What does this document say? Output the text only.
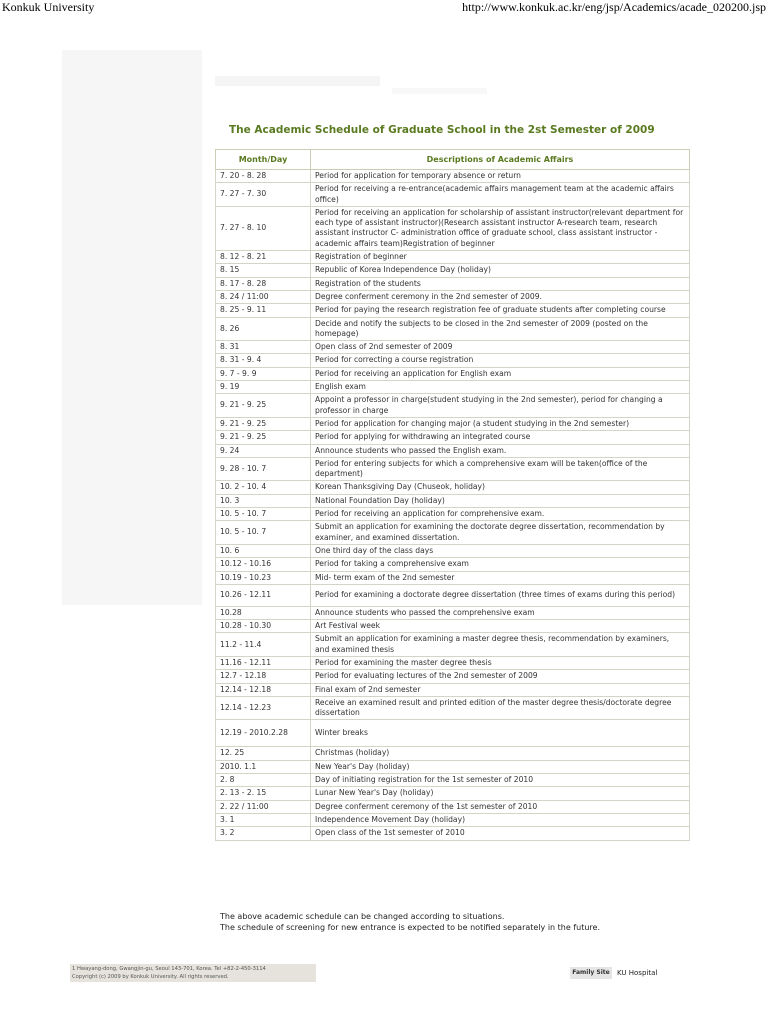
Konkuk University	http://www.konkuk.ac.kr/eng/jsp/Academics/acade_020200.jsp
The Academic Schedule of Graduate School in the 2st Semester of 2009
Month/Day	Descriptions of Academic Affairs
7. 20 - 8. 28	Period for application for temporary absence or return
7. 27 - 7. 30	Period for receiving a re-entrance(academic affairs management team at the academic affairs office)
7. 27 - 8. 10	Period for receiving an application for scholarship of assistant instructor(relevant department for each type of assistant instructor)(Research assistant instructor A-research team, research assistant instructor C- administration office of graduate school, class assistant instructor - academic affairs team)Registration of beginner
8. 12 - 8. 21	Registration of beginner
8. 15	Republic of Korea Independence Day (holiday)
8. 17 - 8. 28	Registration of the students
8. 24 / 11:00	Degree conferment ceremony in the 2nd semester of 2009.
8. 25 - 9. 11	Period for paying the research registration fee of graduate students after completing course
8. 26	Decide and notify the subjects to be closed in the 2nd semester of 2009 (posted on the homepage)
8. 31	Open class of 2nd semester of 2009
8. 31 - 9. 4	Period for correcting a course registration
9. 7 - 9. 9	Period for receiving an application for English exam
9. 19	English exam
9. 21 - 9. 25	Appoint a professor in charge(student studying in the 2nd semester), period for changing a professor in charge
9. 21 - 9. 25	Period for application for changing major (a student studying in the 2nd semester)
9. 21 - 9. 25	Period for applying for withdrawing an integrated course
9. 24	Announce students who passed the English exam.
9. 28 - 10. 7	Period for entering subjects for which a comprehensive exam will be taken(office of the department)
10. 2 - 10. 4	Korean Thanksgiving Day (Chuseok, holiday)
10. 3	National Foundation Day (holiday)
10. 5 - 10. 7	Period for receiving an application for comprehensive exam.
10. 5 - 10. 7	Submit an application for examining the doctorate degree dissertation, recommendation by examiner, and examined dissertation.
10. 6	One third day of the class days
10.12 - 10.16	Period for taking a comprehensive exam
10.19 - 10.23	Mid- term exam of the 2nd semester
10.26 - 12.11	Period for examining a doctorate degree dissertation (three times of exams during this period)
10.28	Announce students who passed the comprehensive exam
10.28 - 10.30	Art Festival week
11.2 - 11.4	Submit an application for examining a master degree thesis, recommendation by examiners, and examined thesis
11.16 - 12.11	Period for examining the master degree thesis
12.7 - 12.18	Period for evaluating lectures of the 2nd semester of 2009
12.14 - 12.18	Final exam of 2nd semester
12.14 - 12.23	Receive an examined result and printed edition of the master degree thesis/doctorate degree dissertation
12.19 - 2010.2.28	Winter breaks
12. 25	Christmas (holiday)
2010. 1.1	New Year's Day (holiday)
2. 8	Day of initiating registration for the 1st semester of 2010
2. 13 - 2. 15	Lunar New Year's Day (holiday)
2. 22 / 11:00	Degree conferment ceremony of the 1st semester of 2010
3. 1	Independence Movement Day (holiday)
3. 2	Open class of the 1st semester of 2010
The above academic schedule can be changed according to situations.
The schedule of screening for new entrance is expected to be notified separately in the future.
1 Hwayang-dong, Gwangjin-gu, Seoul 143-701, Korea. Tel +82-2-450-3114
Copyright (c) 2009 by Konkuk University. All rights reserved.
Family Site	KU Hospital
